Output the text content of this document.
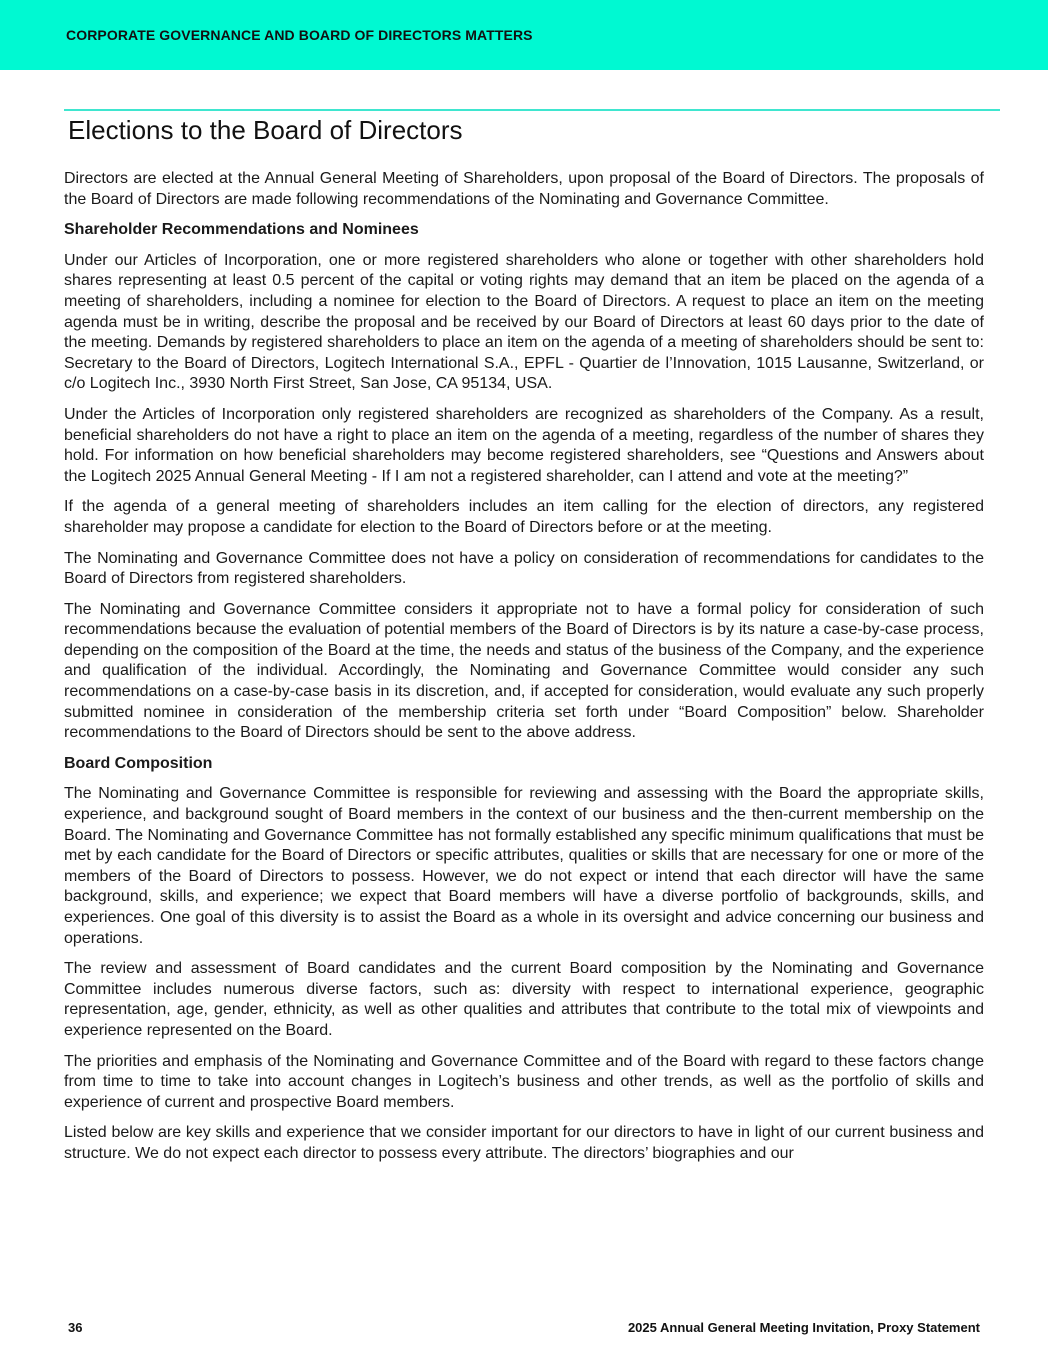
CORPORATE GOVERNANCE AND BOARD OF DIRECTORS MATTERS
Elections to the Board of Directors

Directors are elected at the Annual General Meeting of Shareholders, upon proposal of the Board of Directors. The proposals of the Board of Directors are made following recommendations of the Nominating and Governance Committee.

Shareholder Recommendations and Nominees

Under our Articles of Incorporation, one or more registered shareholders who alone or together with other shareholders hold shares representing at least 0.5 percent of the capital or voting rights may demand that an item be placed on the agenda of a meeting of shareholders, including a nominee for election to the Board of Directors. A request to place an item on the meeting agenda must be in writing, describe the proposal and be received by our Board of Directors at least 60 days prior to the date of the meeting. Demands by registered shareholders to place an item on the agenda of a meeting of shareholders should be sent to: Secretary to the Board of Directors, Logitech International S.A., EPFL - Quartier de l’Innovation, 1015 Lausanne, Switzerland, or c/o Logitech Inc., 3930 North First Street, San Jose, CA 95134, USA.

Under the Articles of Incorporation only registered shareholders are recognized as shareholders of the Company. As a result, beneficial shareholders do not have a right to place an item on the agenda of a meeting, regardless of the number of shares they hold. For information on how beneficial shareholders may become registered shareholders, see “Questions and Answers about the Logitech 2025 Annual General Meeting - If I am not a registered shareholder, can I attend and vote at the meeting?”

If the agenda of a general meeting of shareholders includes an item calling for the election of directors, any registered shareholder may propose a candidate for election to the Board of Directors before or at the meeting.

The Nominating and Governance Committee does not have a policy on consideration of recommendations for candidates to the Board of Directors from registered shareholders.

The Nominating and Governance Committee considers it appropriate not to have a formal policy for consideration of such recommendations because the evaluation of potential members of the Board of Directors is by its nature a case-by-case process, depending on the composition of the Board at the time, the needs and status of the business of the Company, and the experience and qualification of the individual. Accordingly, the Nominating and Governance Committee would consider any such recommendations on a case-by-case basis in its discretion, and, if accepted for consideration, would evaluate any such properly submitted nominee in consideration of the membership criteria set forth under “Board Composition” below. Shareholder recommendations to the Board of Directors should be sent to the above address.

Board Composition

The Nominating and Governance Committee is responsible for reviewing and assessing with the Board the appropriate skills, experience, and background sought of Board members in the context of our business and the then-current membership on the Board. The Nominating and Governance Committee has not formally established any specific minimum qualifications that must be met by each candidate for the Board of Directors or specific attributes, qualities or skills that are necessary for one or more of the members of the Board of Directors to possess. However, we do not expect or intend that each director will have the same background, skills, and experience; we expect that Board members will have a diverse portfolio of backgrounds, skills, and experiences. One goal of this diversity is to assist the Board as a whole in its oversight and advice concerning our business and operations.

The review and assessment of Board candidates and the current Board composition by the Nominating and Governance Committee includes numerous diverse factors, such as: diversity with respect to international experience, geographic representation, age, gender, ethnicity, as well as other qualities and attributes that contribute to the total mix of viewpoints and experience represented on the Board.

The priorities and emphasis of the Nominating and Governance Committee and of the Board with regard to these factors change from time to time to take into account changes in Logitech’s business and other trends, as well as the portfolio of skills and experience of current and prospective Board members.

Listed below are key skills and experience that we consider important for our directors to have in light of our current business and structure. We do not expect each director to possess every attribute. The directors’ biographies and our

36	2025 Annual General Meeting Invitation, Proxy Statement
